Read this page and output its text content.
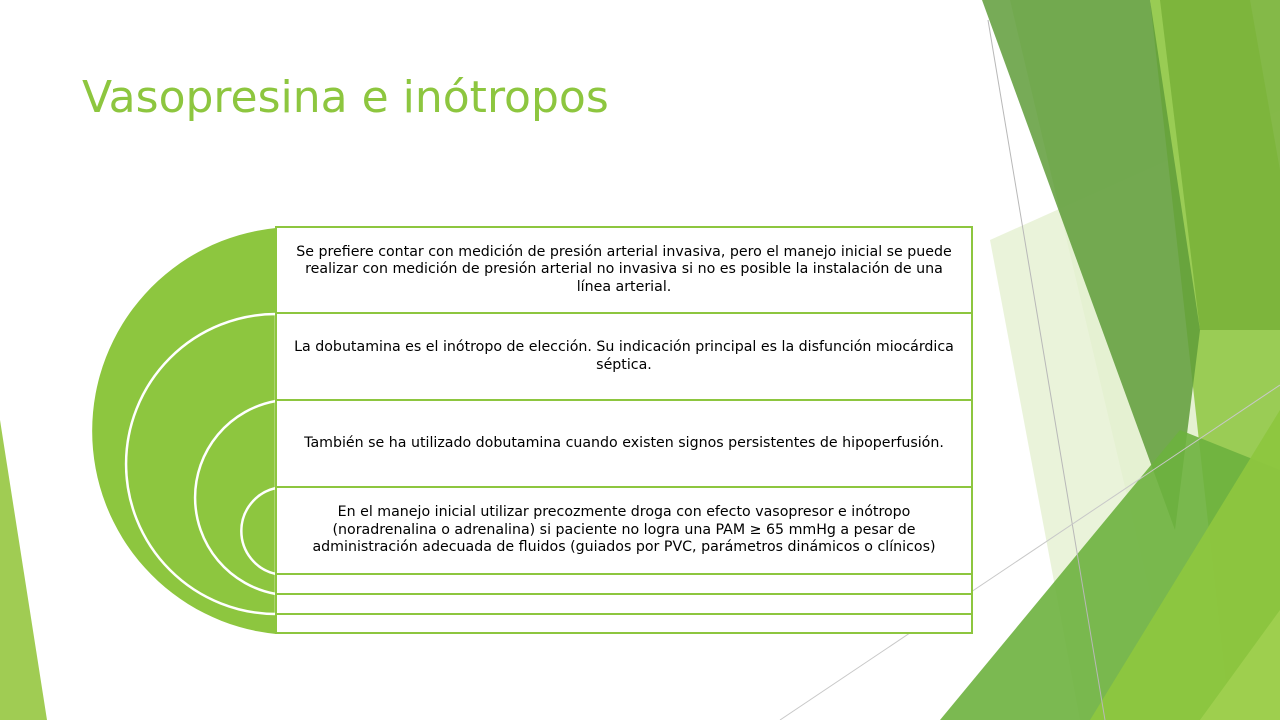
Vasopresina e inótropos
Se prefiere contar con medición de presión arterial invasiva, pero el manejo inicial se puede realizar con medición de presión arterial no invasiva si no es posible la instalación de una línea arterial.
La dobutamina es el inótropo de elección. Su indicación principal es la disfunción miocárdica séptica.
También se ha utilizado dobutamina cuando existen signos persistentes de hipoperfusión.
En el manejo inicial utilizar precozmente droga con efecto vasopresor e inótropo (noradrenalina o adrenalina) si paciente no logra una PAM ≥ 65 mmHg a pesar de administración adecuada de fluidos (guiados por PVC, parámetros dinámicos o clínicos)
